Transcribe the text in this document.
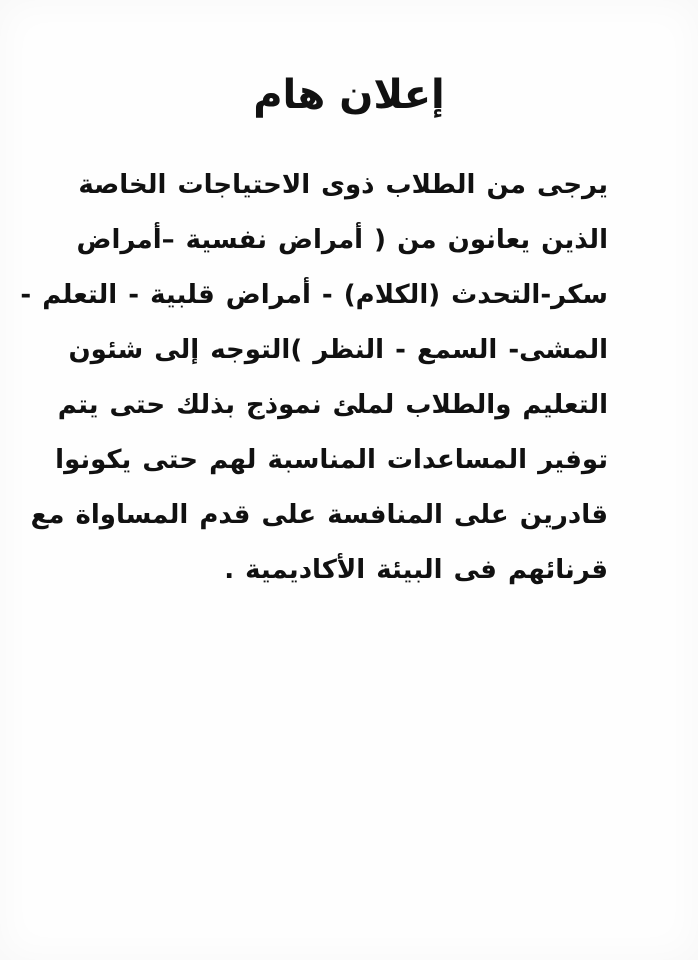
إعلان هام
يرجى من الطلاب ذوى الاحتياجات الخاصة
الذين يعانون من ( أمراض نفسية –أمراض
سكر-التحدث (الكلام) - أمراض قلبية - التعلم -
المشى- السمع - النظر )التوجه إلى شئون
التعليم والطلاب لملئ نموذج بذلك حتى يتم
توفير المساعدات المناسبة لهم حتى يكونوا
قادرين على المنافسة على قدم المساواة مع
قرنائهم فى البيئة الأكاديمية .
